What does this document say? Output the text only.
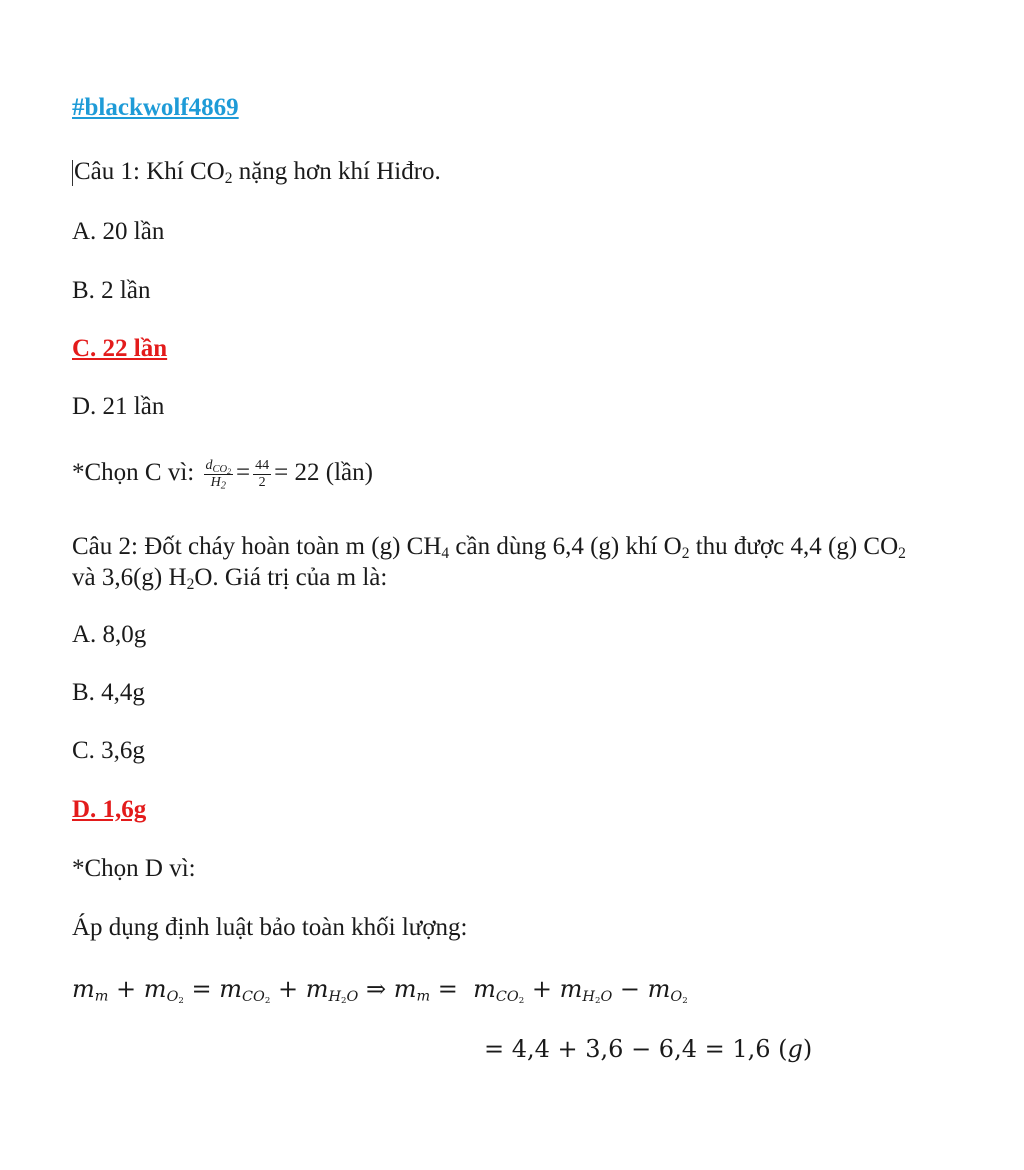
#blackwolf4869
Câu 1: Khí $CO_2$ nặng hơn khí Hiđro.
A. 20 lần
B. 2 lần
C. 22 lần
D. 21 lần
*Chọn C vì: $\frac{d_{CO_2}}{H_2} = \frac{44}{2} = 22$ (lần)
Câu 2: Đốt cháy hoàn toàn m (g) $CH_4$ cần dùng 6,4 (g) khí $O_2$ thu được 4,4 (g) $CO_2$
và 3,6(g) $H_2O$. Giá trị của m là:
A. 8,0g
B. 4,4g
C. 3,6g
D. 1,6g
*Chọn D vì:
Áp dụng định luật bảo toàn khối lượng:
$m_m + m_{O_2} = m_{CO_2} + m_{H_2O}$ ⇒ $m_m = m_{CO_2} + m_{H_2O} - m_{O_2}$
= 4,4 + 3,6 − 6,4 = 1,6 (g)
